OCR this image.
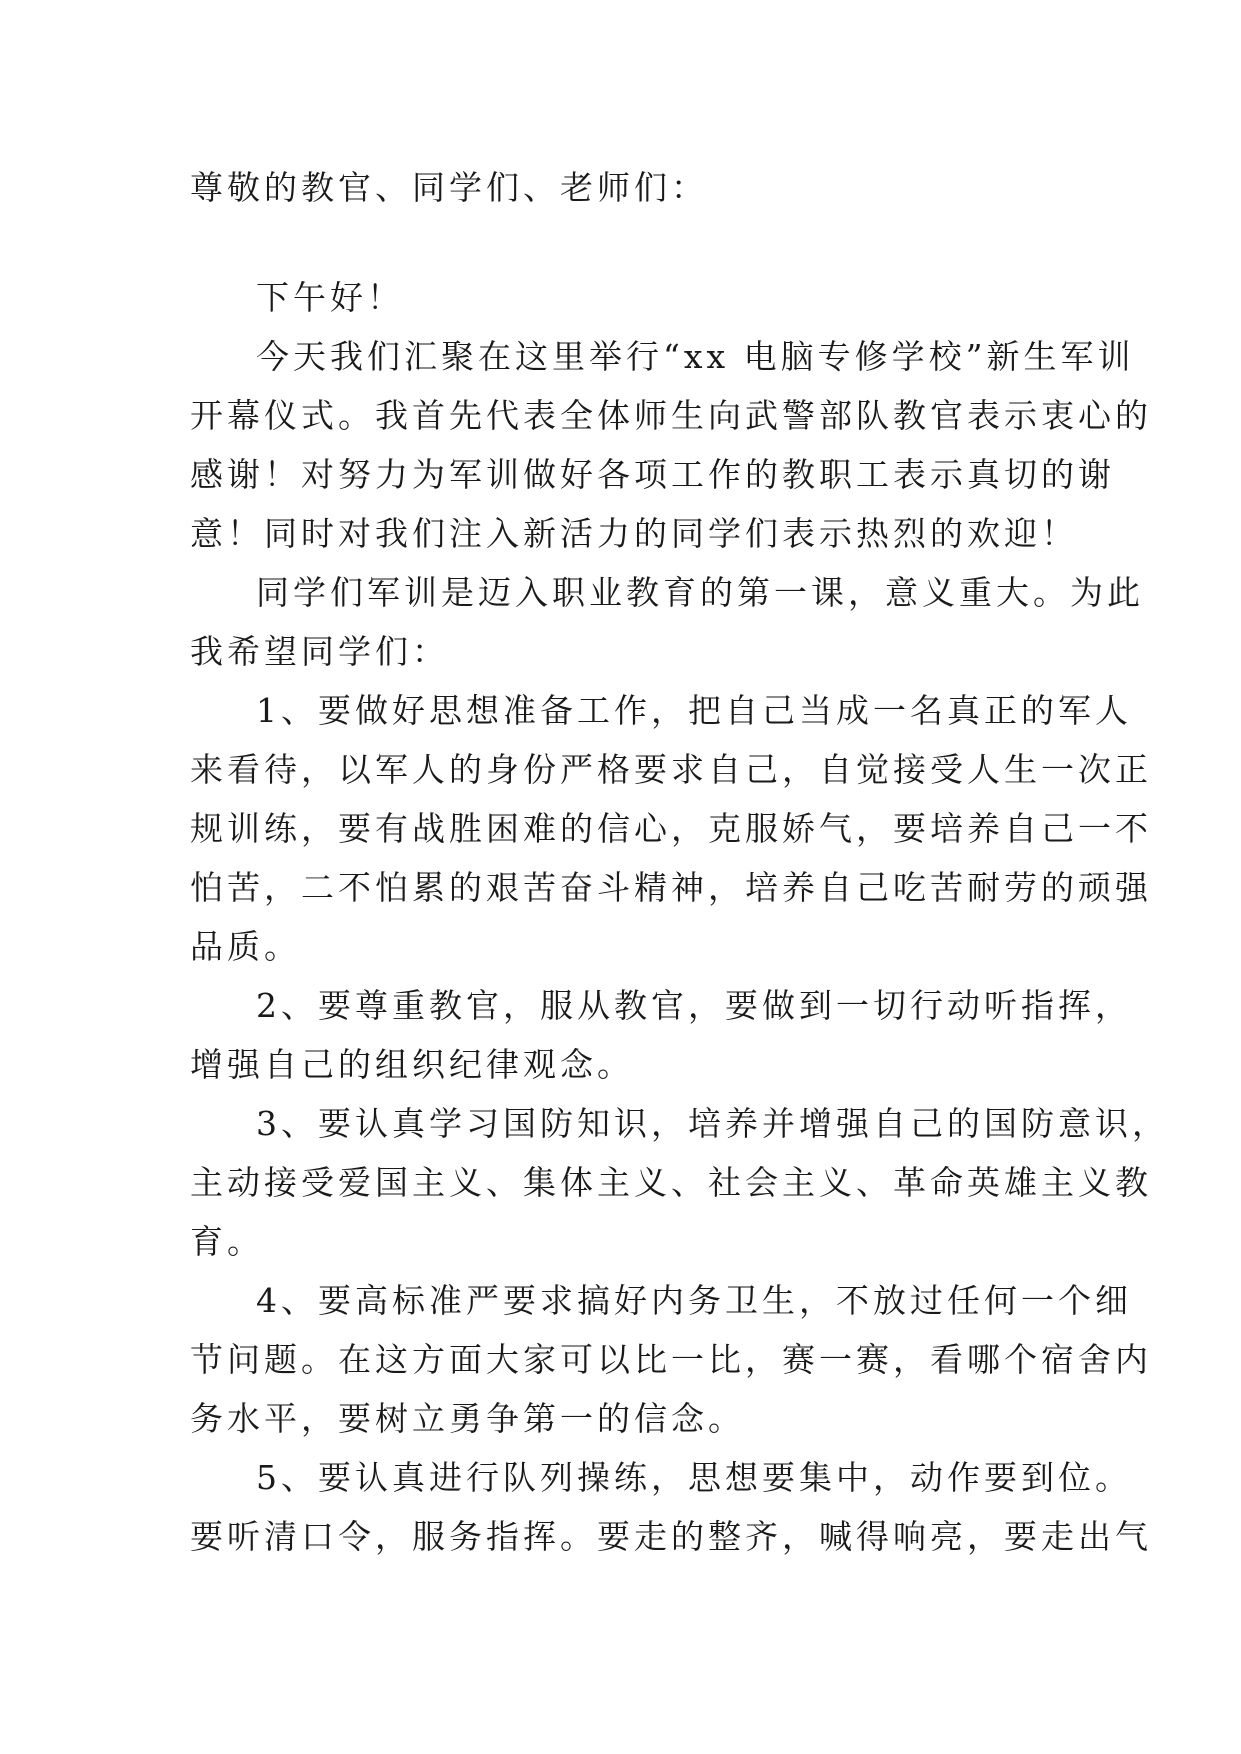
尊敬的教官、同学们、老师们：
下午好！
今天我们汇聚在这里举行“xx 电脑专修学校”新生军训
开幕仪式。我首先代表全体师生向武警部队教官表示衷心的
感谢！对努力为军训做好各项工作的教职工表示真切的谢
意！同时对我们注入新活力的同学们表示热烈的欢迎！
同学们军训是迈入职业教育的第一课，意义重大。为此
我希望同学们：
1、要做好思想准备工作，把自己当成一名真正的军人
来看待，以军人的身份严格要求自己，自觉接受人生一次正
规训练，要有战胜困难的信心，克服娇气，要培养自己一不
怕苦，二不怕累的艰苦奋斗精神，培养自己吃苦耐劳的顽强
品质。
2、要尊重教官，服从教官，要做到一切行动听指挥，
增强自己的组织纪律观念。
3、要认真学习国防知识，培养并增强自己的国防意识，
主动接受爱国主义、集体主义、社会主义、革命英雄主义教
育。
4、要高标准严要求搞好内务卫生，不放过任何一个细
节问题。在这方面大家可以比一比，赛一赛，看哪个宿舍内
务水平，要树立勇争第一的信念。
5、要认真进行队列操练，思想要集中，动作要到位。
要听清口令，服务指挥。要走的整齐，喊得响亮，要走出气
